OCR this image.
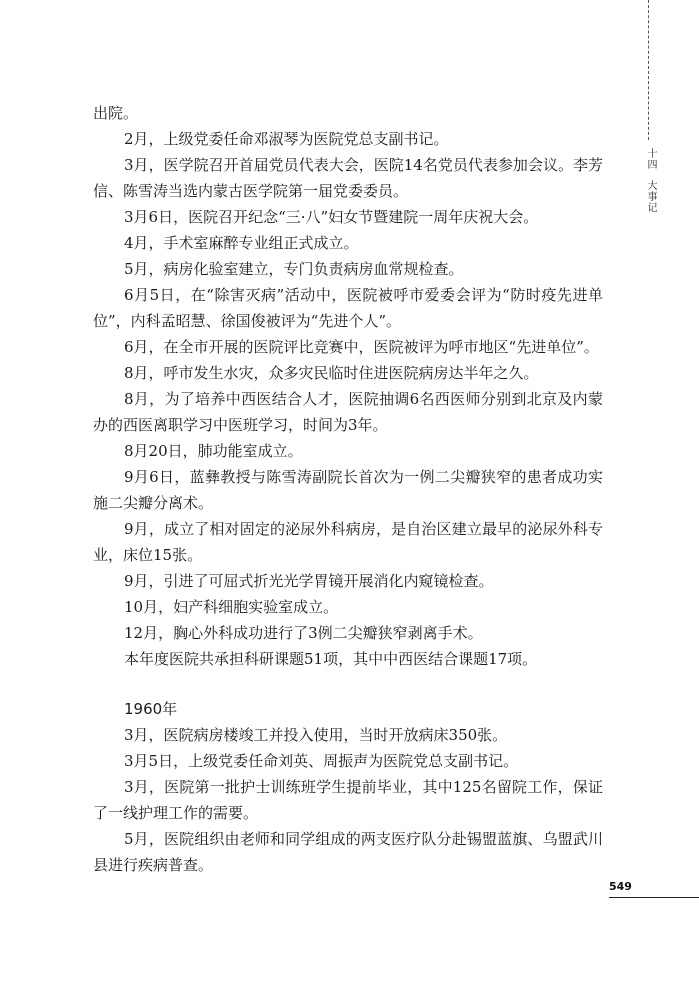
十四大事记

出院。

2月，上级党委任命邓淑琴为医院党总支副书记。

3月，医学院召开首届党员代表大会，医院14名党员代表参加会议。李芳信、陈雪涛当选内蒙古医学院第一届党委委员。

3月6日，医院召开纪念“三·八”妇女节暨建院一周年庆祝大会。

4月，手术室麻醉专业组正式成立。

5月，病房化验室建立，专门负责病房血常规检查。

6月5日，在“除害灭病”活动中，医院被呼市爱委会评为“防时疫先进单位”，内科孟昭慧、徐国俊被评为“先进个人”。

6月，在全市开展的医院评比竞赛中，医院被评为呼市地区“先进单位”。

8月，呼市发生水灾，众多灾民临时住进医院病房达半年之久。

8月，为了培养中西医结合人才，医院抽调6名西医师分别到北京及内蒙办的西医离职学习中医班学习，时间为3年。

8月20日，肺功能室成立。

9月6日，蓝彝教授与陈雪涛副院长首次为一例二尖瓣狭窄的患者成功实施二尖瓣分离术。

9月，成立了相对固定的泌尿外科病房，是自治区建立最早的泌尿外科专业，床位15张。

9月，引进了可屈式折光光学胃镜开展消化内窥镜检查。

10月，妇产科细胞实验室成立。

12月，胸心外科成功进行了3例二尖瓣狭窄剥离手术。

本年度医院共承担科研课题51项，其中中西医结合课题17项。

1960年

3月，医院病房楼竣工并投入使用，当时开放病床350张。

3月5日，上级党委任命刘英、周振声为医院党总支副书记。

3月，医院第一批护士训练班学生提前毕业，其中125名留院工作，保证了一线护理工作的需要。

5月，医院组织由老师和同学组成的两支医疗队分赴锡盟蓝旗、乌盟武川县进行疾病普查。

549
